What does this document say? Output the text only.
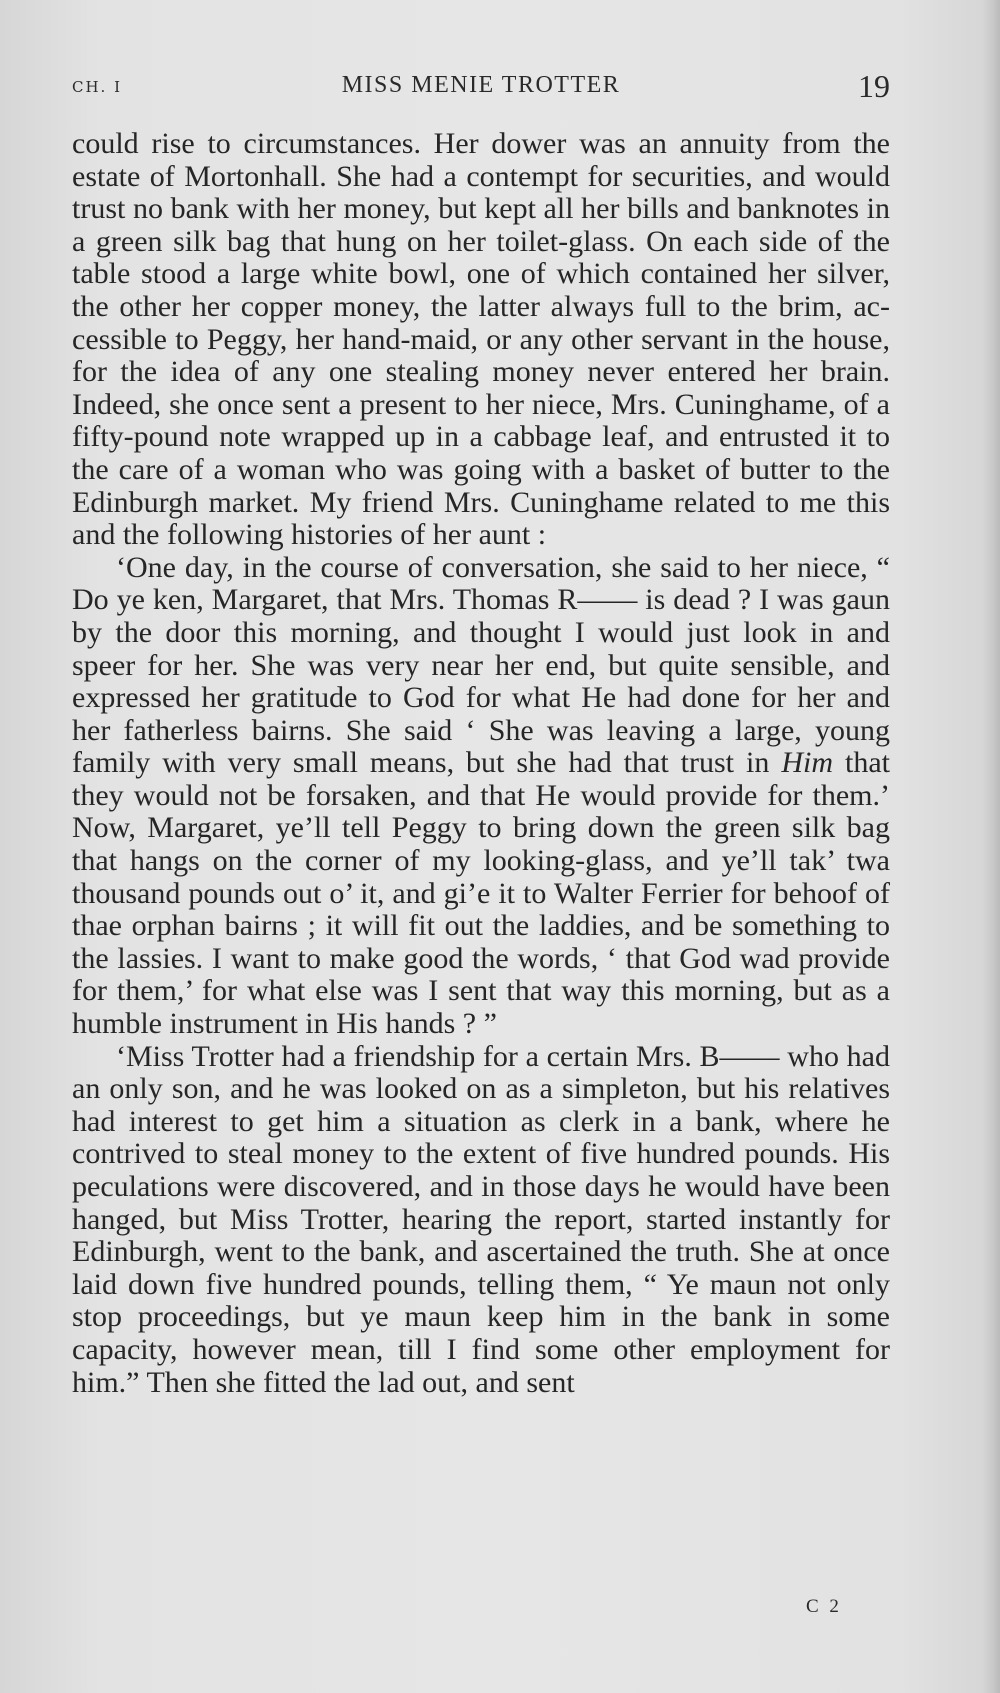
CH. I	MISS MENIE TROTTER	19

could rise to circumstances. Her dower was an annuity from the estate of Mortonhall. She had a contempt for securities, and would trust no bank with her money, but kept all her bills and banknotes in a green silk bag that hung on her toilet-glass. On each side of the table stood a large white bowl, one of which contained her silver, the other her copper money, the latter always full to the brim, accessible to Peggy, her hand-maid, or any other servant in the house, for the idea of any one stealing money never entered her brain. Indeed, she once sent a present to her niece, Mrs. Cuninghame, of a fifty-pound note wrapped up in a cabbage leaf, and entrusted it to the care of a woman who was going with a basket of butter to the Edinburgh market. My friend Mrs. Cuninghame related to me this and the following histories of her aunt :

‘One day, in the course of conversation, she said to her niece, “ Do ye ken, Margaret, that Mrs. Thomas R—— is dead ? I was gaun by the door this morning, and thought I would just look in and speer for her. She was very near her end, but quite sensible, and expressed her gratitude to God for what He had done for her and her fatherless bairns. She said ‘ She was leaving a large, young family with very small means, but she had that trust in Him that they would not be forsaken, and that He would provide for them.’ Now, Margaret, ye’ll tell Peggy to bring down the green silk bag that hangs on the corner of my looking-glass, and ye’ll tak’ twa thousand pounds out o’ it, and gi’e it to Walter Ferrier for behoof of thae orphan bairns ; it will fit out the laddies, and be something to the lassies. I want to make good the words, ‘ that God wad provide for them,’ for what else was I sent that way this morning, but as a humble instrument in His hands ? ”

‘Miss Trotter had a friendship for a certain Mrs. B—— who had an only son, and he was looked on as a simpleton, but his relatives had interest to get him a situation as clerk in a bank, where he contrived to steal money to the extent of five hundred pounds. His peculations were discovered, and in those days he would have been hanged, but Miss Trotter, hearing the report, started instantly for Edinburgh, went to the bank, and ascertained the truth. She at once laid down five hundred pounds, telling them, “ Ye maun not only stop proceedings, but ye maun keep him in the bank in some capacity, however mean, till I find some other employment for him.” Then she fitted the lad out, and sent

C 2
